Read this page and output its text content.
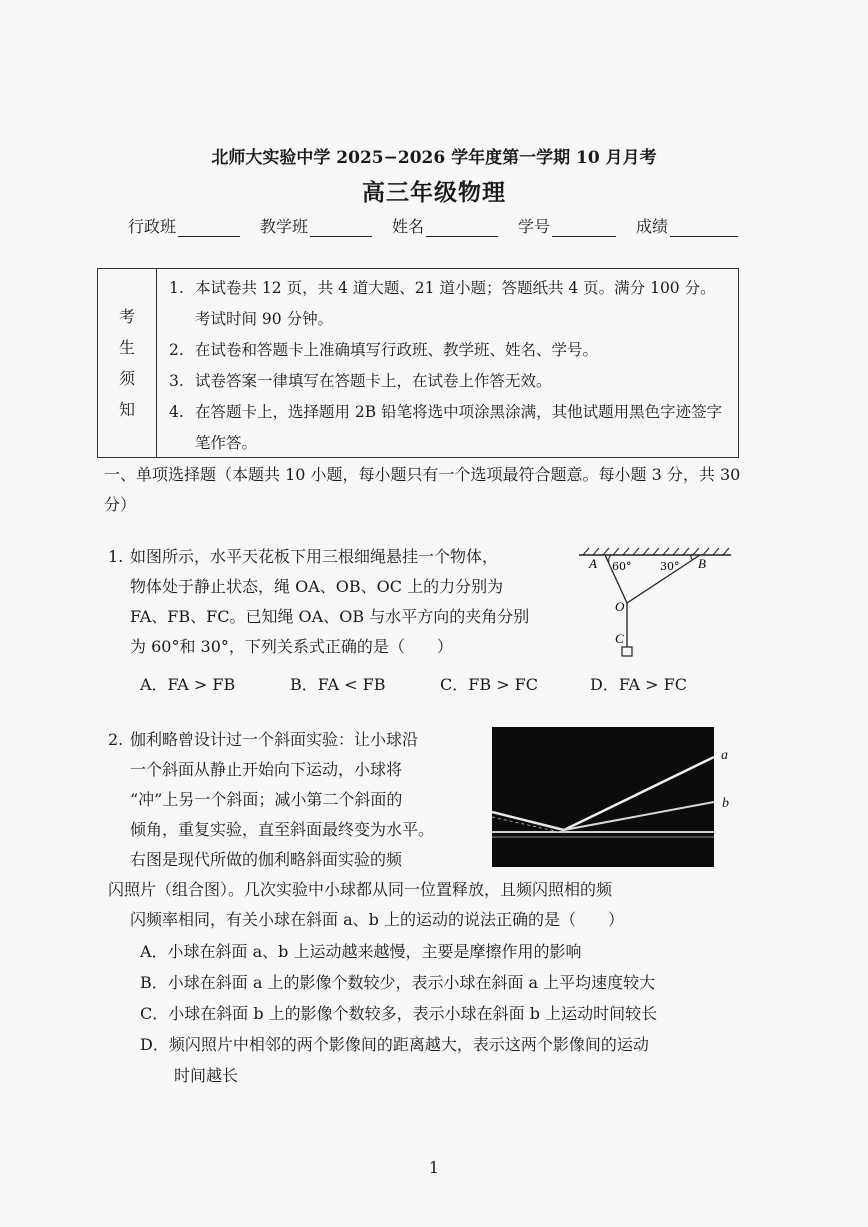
北师大实验中学 2025−2026 学年度第一学期 10 月月考
高三年级物理
行政班	教学班	姓名	学号	成绩
考
生
须
知
1. 本试卷共 12 页，共 4 道大题、21 道小题；答题纸共 4 页。满分 100 分。考试时间 90 分钟。
2. 在试卷和答题卡上准确填写行政班、教学班、姓名、学号。
3. 试卷答案一律填写在答题卡上，在试卷上作答无效。
4. 在答题卡上，选择题用 2B 铅笔将选中项涂黑涂满，其他试题用黑色字迹签字笔作答。
一、单项选择题（本题共 10 小题，每小题只有一个选项最符合题意。每小题 3 分，共 30 分）
1. 如图所示，水平天花板下用三根细绳悬挂一个物体，
物体处于静止状态，绳 OA、OB、OC 上的力分别为
FA、FB、FC。已知绳 OA、OB 与水平方向的夹角分别
为 60°和 30°，下列关系式正确的是（　　）
A 60°	30° B
O
C
A．FA > FB	B．FA < FB	C．FB > FC	D．FA > FC
2. 伽利略曾设计过一个斜面实验：让小球沿
一个斜面从静止开始向下运动，小球将
“冲”上另一个斜面；减小第二个斜面的
倾角，重复实验，直至斜面最终变为水平。
右图是现代所做的伽利略斜面实验的频
a
b
闪照片（组合图）。几次实验中小球都从同一位置释放，且频闪照相的频
闪频率相同，有关小球在斜面 a、b 上的运动的说法正确的是（　　）
A．小球在斜面 a、b 上运动越来越慢，主要是摩擦作用的影响
B．小球在斜面 a 上的影像个数较少，表示小球在斜面 a 上平均速度较大
C．小球在斜面 b 上的影像个数较多，表示小球在斜面 b 上运动时间较长
D．频闪照片中相邻的两个影像间的距离越大，表示这两个影像间的运动
时间越长
1
